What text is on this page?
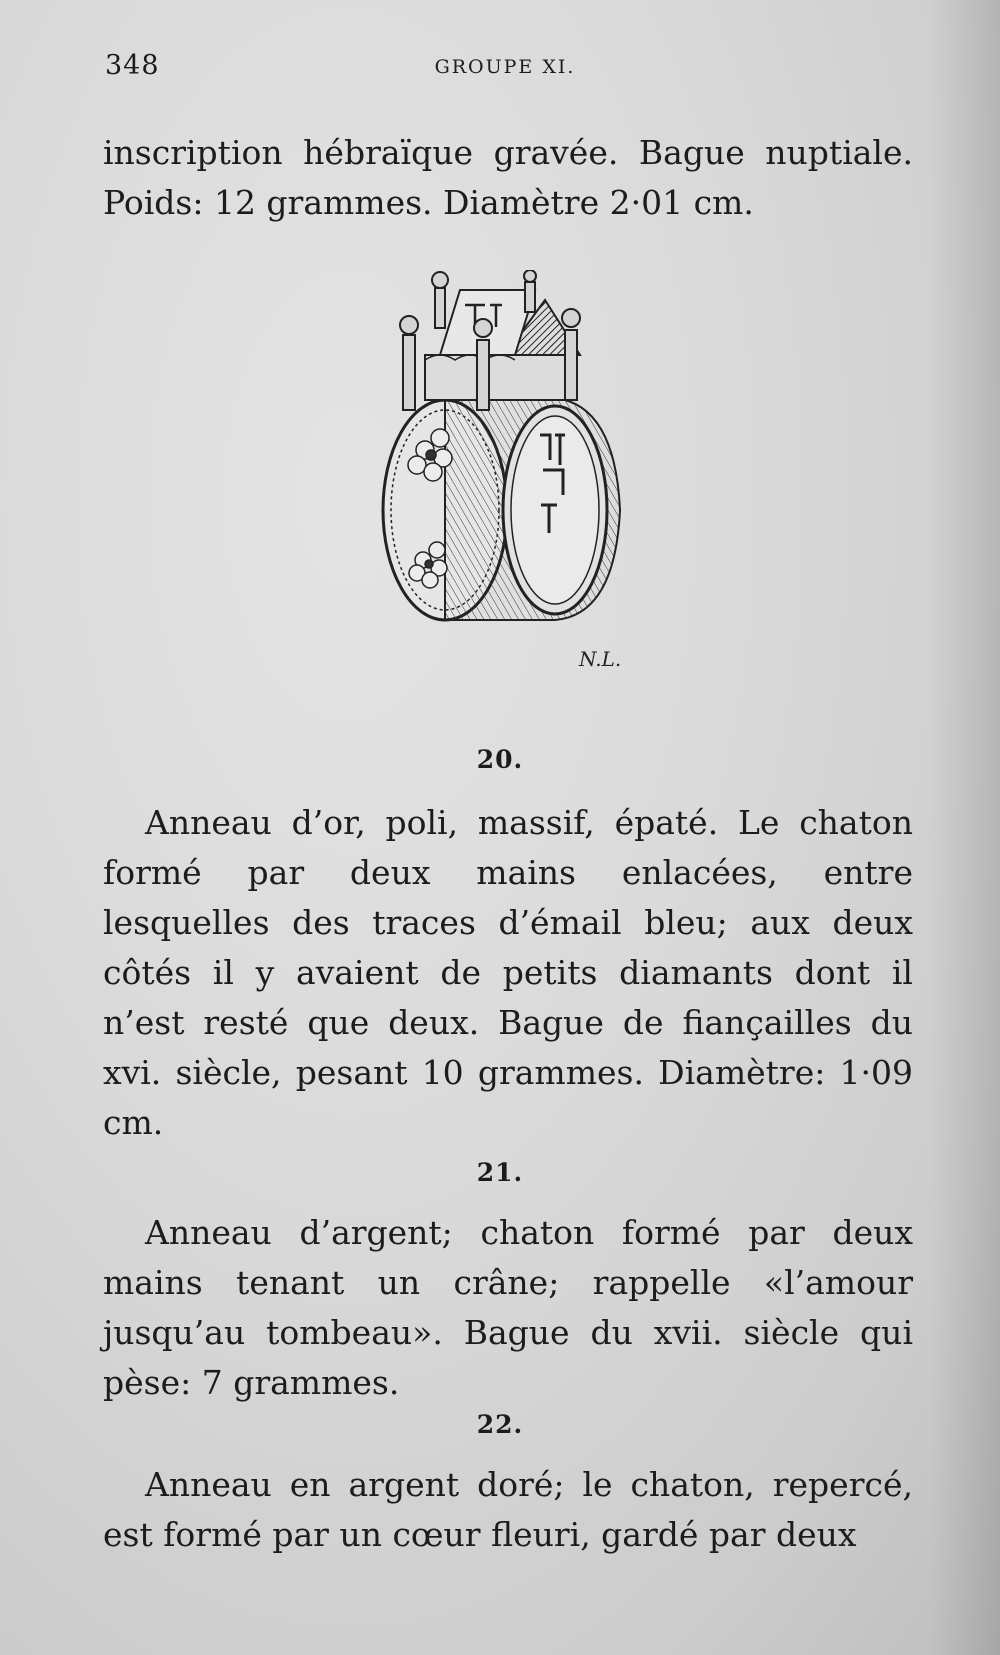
348	GROUPE XI.

inscription hébraïque gravée. Bague nuptiale. Poids: 12 grammes. Diamètre 2·01 cm.

N.L.
20.

Anneau d’or, poli, massif, épaté. Le chaton formé par deux mains enlacées, entre lesquelles des traces d’émail bleu; aux deux côtés il y avaient de petits diamants dont il n’est resté que deux. Bague de fiançailles du xvi. siècle, pesant 10 grammes. Diamètre: 1·09 cm.

21.

Anneau d’argent; chaton formé par deux mains tenant un crâne; rappelle «l’amour jusqu’au tombeau». Bague du xvii. siècle qui pèse: 7 grammes.

22.

Anneau en argent doré; le chaton, repercé, est formé par un cœur fleuri, gardé par deux
